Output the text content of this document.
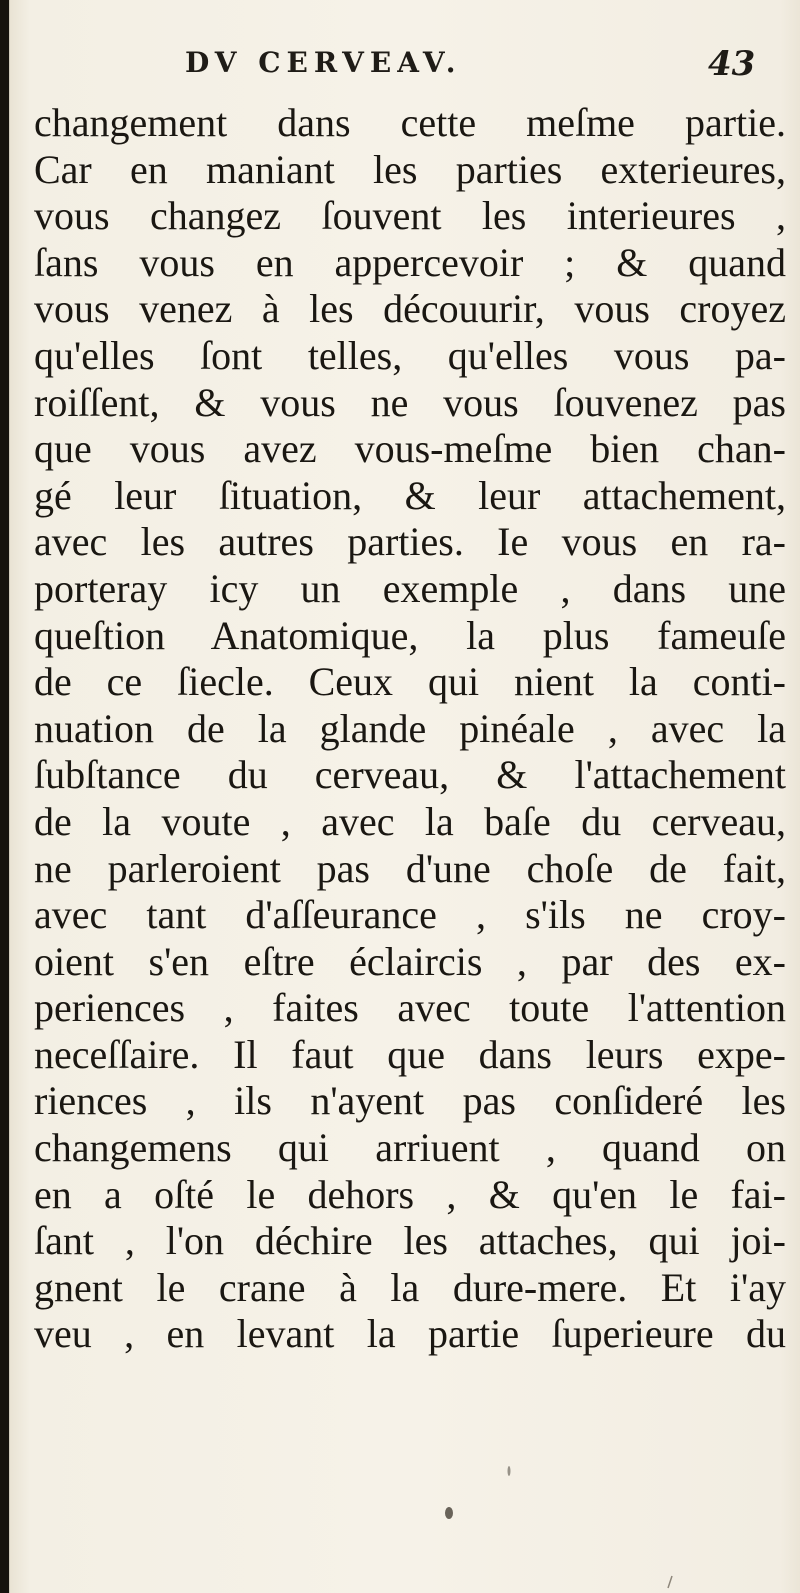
DV CERVEAV.	43
changement dans cette meſme partie.
Car en maniant les parties exterieures,
vous changez ſouvent les interieures ,
ſans vous en appercevoir ; & quand
vous venez à les découurir, vous croyez
qu'elles ſont telles, qu'elles vous pa-
roiſſent, & vous ne vous ſouvenez pas
que vous avez vous-meſme bien chan-
gé leur ſituation, & leur attachement,
avec les autres parties. Ie vous en ra-
porteray icy un exemple , dans une
queſtion Anatomique, la plus fameuſe
de ce ſiecle. Ceux qui nient la conti-
nuation de la glande pinéale , avec la
ſubſtance du cerveau, & l'attachement
de la voute , avec la baſe du cerveau,
ne parleroient pas d'une choſe de fait,
avec tant d'aſſeurance , s'ils ne croy-
oient s'en eſtre éclaircis , par des ex-
periences , faites avec toute l'attention
neceſſaire. Il faut que dans leurs expe-
riences , ils n'ayent pas conſideré les
changemens qui arriuent , quand on
en a oſté le dehors , & qu'en le fai-
ſant , l'on déchire les attaches, qui joi-
gnent le crane à la dure-mere. Et i'ay
veu , en levant la partie ſuperieure du
